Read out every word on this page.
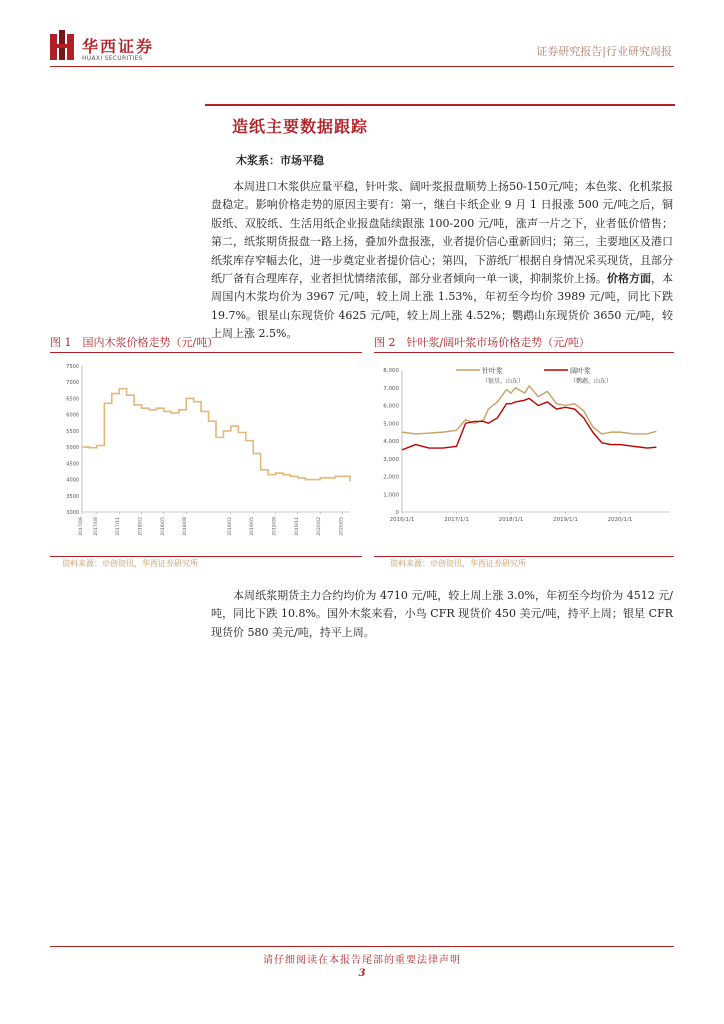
华西证券
HUAXI SECURITIES
证券研究报告|行业研究周报
造纸主要数据跟踪
木浆系：市场平稳
本周进口木浆供应量平稳，针叶浆、阔叶浆报盘顺势上扬50-150元/吨；本色浆、化机浆报盘稳定。影响价格走势的原因主要有：第一，继白卡纸企业 9 月 1 日报涨 500 元/吨之后，铜版纸、双胶纸、生活用纸企业报盘陆续跟涨 100-200 元/吨，涨声一片之下，业者低价惜售；第二，纸浆期货报盘一路上扬，叠加外盘报涨，业者提价信心重新回归；第三，主要地区及港口纸浆库存窄幅去化，进一步奠定业者提价信心；第四，下游纸厂根据自身情况采买现货，且部分纸厂备有合理库存，业者担忧情绪浓郁，部分业者倾向一单一谈，抑制浆价上扬。价格方面，本周国内木浆均价为 3967 元/吨，较上周上涨 1.53%，年初至今均价 3989 元/吨，同比下跌 19.7%。银星山东现货价 4625 元/吨，较上周上涨 4.52%；鹦鹉山东现货价 3650 元/吨，较上周上涨 2.5%。
图 1　国内木浆价格走势（元/吨）
3000
3500
4000
4500
5000
5500
6000
6500
7000
7500
2017/06 2017/08	2017/11	2018/02	2018/05	2018/08	2019/02	2019/05	2019/08	2019/11	2020/02	2020/05
资料来源：卓创资讯，华西证券研究所
图 2　针叶浆/阔叶浆市场价格走势（元/吨）
针叶浆
（银星，山东）
阔叶浆
（鹦鹉，山东）
0
1,000
2,000
3,000
4,000
5,000
6,000
7,000
8,000
2016/1/1	2017/1/1	2018/1/1	2019/1/1	2020/1/1
资料来源：卓创资讯，华西证券研究所
本周纸浆期货主力合约均价为 4710 元/吨，较上周上涨 3.0%，年初至今均价为 4512 元/吨，同比下跌 10.8%。国外木浆来看，小鸟 CFR 现货价 450 美元/吨，持平上周；银星 CFR 现货价 580 美元/吨，持平上周。
请仔细阅读在本报告尾部的重要法律声明
3
